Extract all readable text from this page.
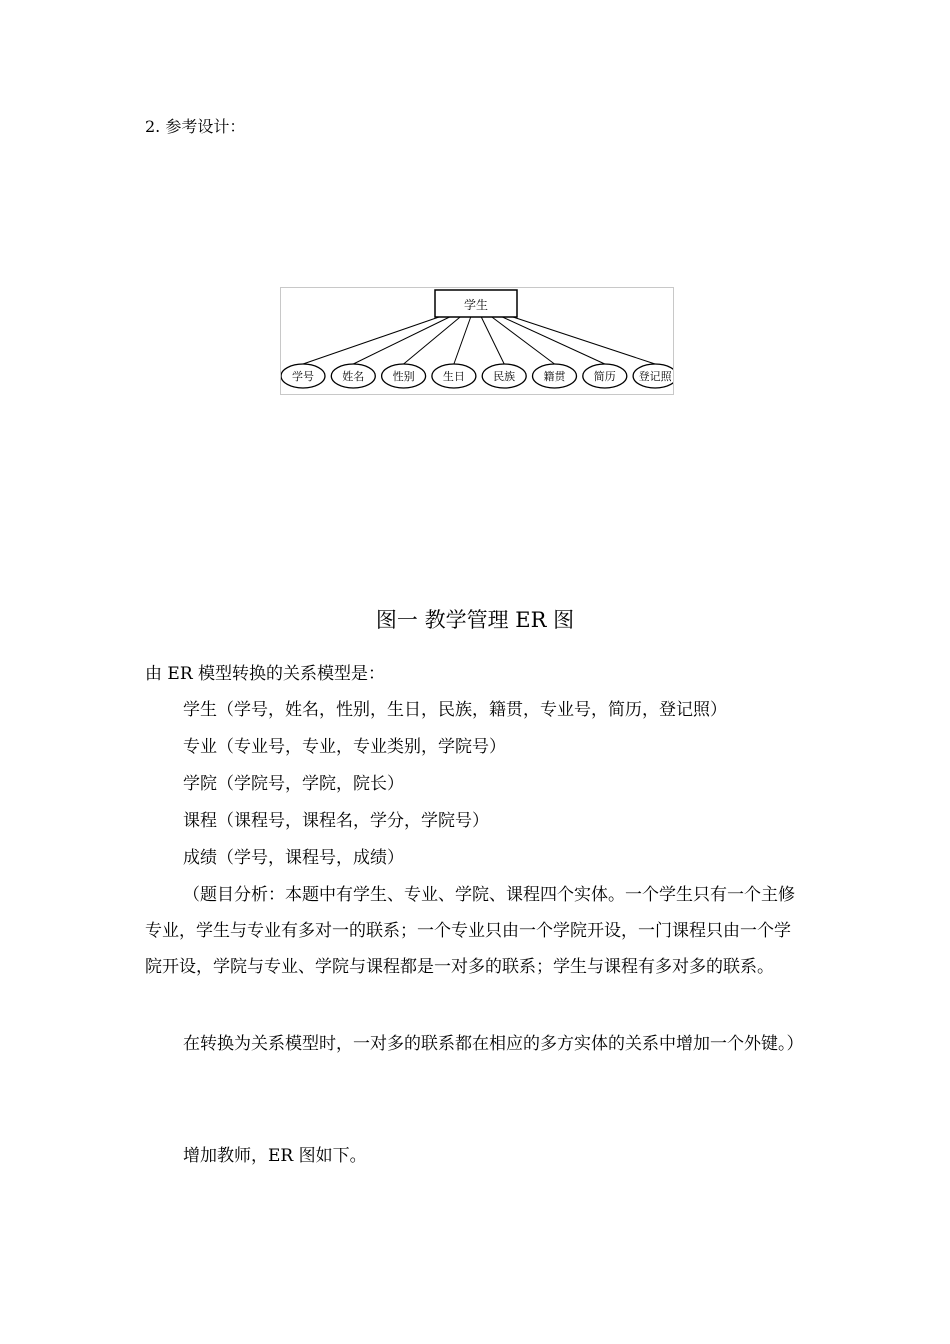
2. 参考设计：
学生
学号	姓名	性别	生日	民族	籍贯	简历 登记照
图一 教学管理 ER 图

由 ER 模型转换的关系模型是：

学生（学号，姓名，性别，生日，民族，籍贯，专业号，简历，登记照）

专业（专业号，专业，专业类别，学院号）

学院（学院号，学院，院长）

课程（课程号，课程名，学分，学院号）

成绩（学号，课程号，成绩）

（题目分析：本题中有学生、专业、学院、课程四个实体。一个学生只有一个主修专业，学生与专业有多对一的联系；一个专业只由一个学院开设，一门课程只由一个学院开设，学院与专业、学院与课程都是一对多的联系；学生与课程有多对多的联系。

在转换为关系模型时，一对多的联系都在相应的多方实体的关系中增加一个外键。）

增加教师，ER 图如下。
